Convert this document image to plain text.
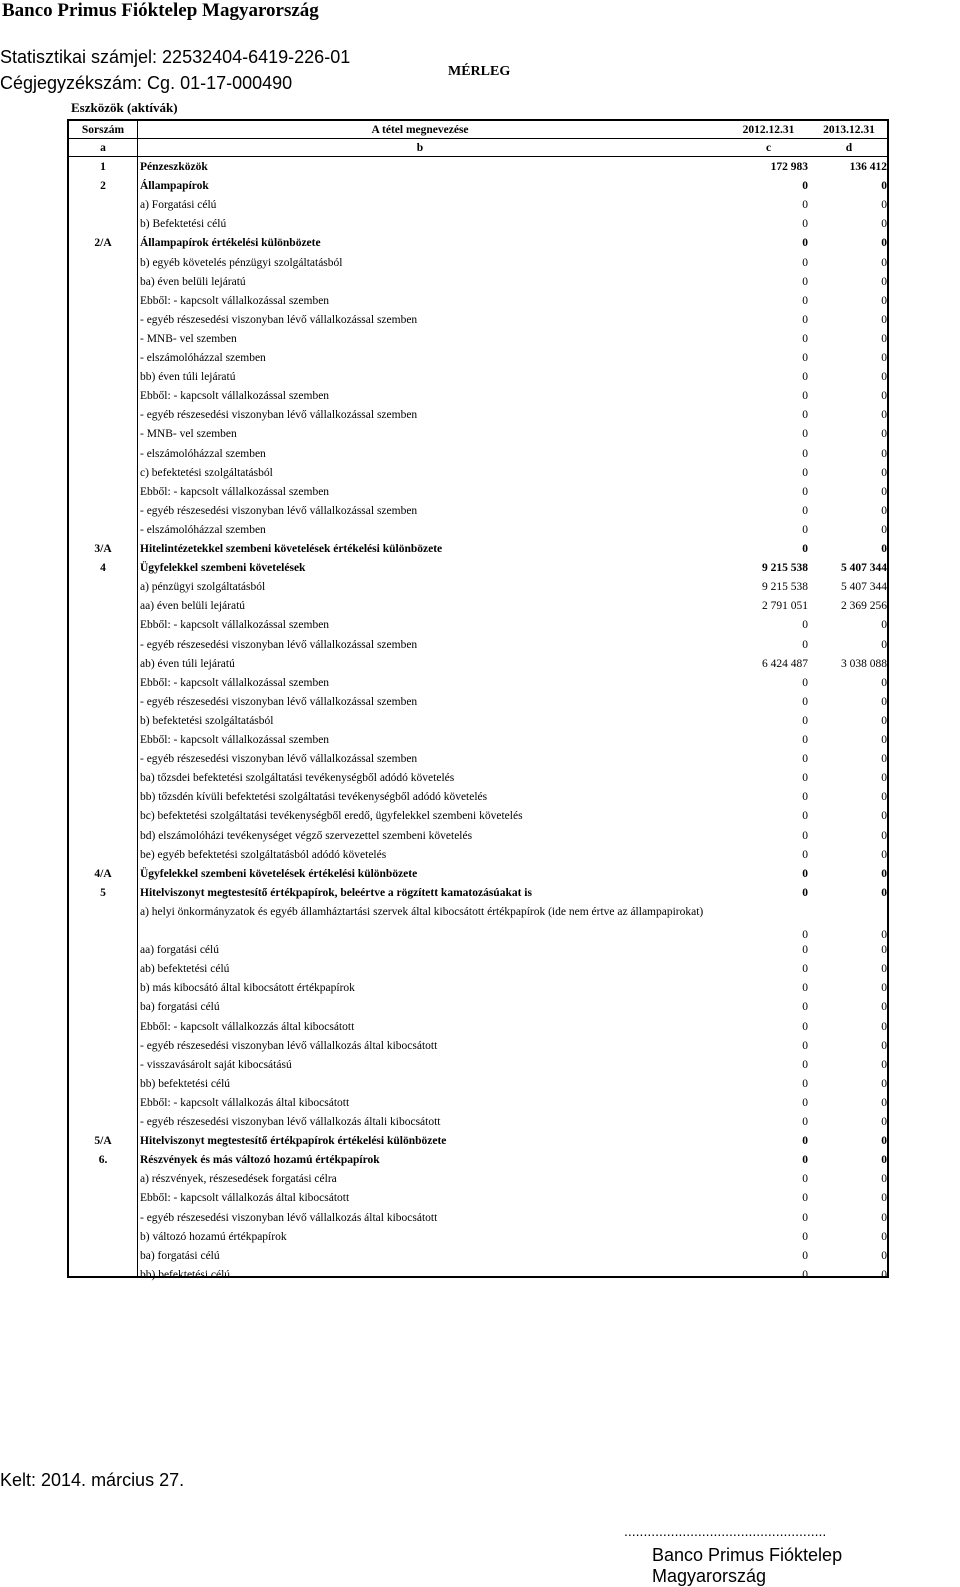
Banco Primus Fióktelep Magyarország
Statisztikai számjel: 22532404-6419-226-01
Cégjegyzékszám: Cg. 01-17-000490
MÉRLEG
Eszközök (aktívák)
Sorszám	A tétel megnevezése	2012.12.31	2013.12.31
a	b	c	d
1	Pénzeszközök	172 983	136 412
2	Állampapírok	0	0
a) Forgatási célú	0	0
b) Befektetési célú	0	0
2/A	Állampapírok értékelési különbözete	0	0
b) egyéb követelés pénzügyi szolgáltatásból	0	0
ba) éven belüli lejáratú	0	0
Ebből: - kapcsolt vállalkozással szemben	0	0
- egyéb részesedési viszonyban lévő vállalkozással szemben	0	0
- MNB- vel szemben	0	0
- elszámolóházzal szemben	0	0
bb) éven túli lejáratú	0	0
Ebből: - kapcsolt vállalkozással szemben	0	0
- egyéb részesedési viszonyban lévő vállalkozással szemben	0	0
- MNB- vel szemben	0	0
- elszámolóházzal szemben	0	0
c) befektetési szolgáltatásból	0	0
Ebből: - kapcsolt vállalkozással szemben	0	0
- egyéb részesedési viszonyban lévő vállalkozással szemben	0	0
- elszámolóházzal szemben	0	0
3/A	Hitelintézetekkel szembeni követelések értékelési különbözete	0	0
4	Ügyfelekkel szembeni követelések	9 215 538	5 407 344
a) pénzügyi szolgáltatásból	9 215 538	5 407 344
aa) éven belüli lejáratú	2 791 051	2 369 256
Ebből: - kapcsolt vállalkozással szemben	0	0
- egyéb részesedési viszonyban lévő vállalkozással szemben	0	0
ab) éven túli lejáratú	6 424 487	3 038 088
Ebből: - kapcsolt vállalkozással szemben	0	0
- egyéb részesedési viszonyban lévő vállalkozással szemben	0	0
b) befektetési szolgáltatásból	0	0
Ebből: - kapcsolt vállalkozással szemben	0	0
- egyéb részesedési viszonyban lévő vállalkozással szemben	0	0
ba) tőzsdei befektetési szolgáltatási tevékenységből adódó követelés	0	0
bb) tőzsdén kívüli befektetési szolgáltatási tevékenységből adódó követelés	0	0
bc) befektetési szolgáltatási tevékenységből eredő, ügyfelekkel szembeni követelés	0	0
bd) elszámolóházi tevékenységet végző szervezettel szembeni követelés	0	0
be) egyéb befektetési szolgáltatásból adódó követelés	0	0
4/A	Ügyfelekkel szembeni követelések értékelési különbözete	0	0
5	Hitelviszonyt megtestesítő értékpapírok, beleértve a rögzített kamatozásúakat is	0	0
a) helyi önkormányzatok és egyéb államháztartási szervek által kibocsátott értékpapírok (ide nem értve az állampapirokat)
0	0
aa) forgatási célú	0	0
ab) befektetési célú	0	0
b) más kibocsátó által kibocsátott értékpapírok	0	0
ba) forgatási célú	0	0
Ebből: - kapcsolt vállalkozzás által kibocsátott	0	0
- egyéb részesedési viszonyban lévő vállalkozás által kibocsátott	0	0
- visszavásárolt saját kibocsátású	0	0
bb) befektetési célú	0	0
Ebből: - kapcsolt vállalkozás által kibocsátott	0	0
- egyéb részesedési viszonyban lévő vállalkozás általi kibocsátott	0	0
5/A	Hitelviszonyt megtestesítő értékpapírok értékelési különbözete	0	0
6.	Részvények és más változó hozamú értékpapírok	0	0
a) részvények, részesedések forgatási célra	0	0
Ebből: - kapcsolt vállalkozás által kibocsátott	0	0
- egyéb részesedési viszonyban lévő vállalkozás által kibocsátott	0	0
b) változó hozamú értékpapírok	0	0
ba) forgatási célú	0	0
bb) befektetési célú	0	0
Kelt: 2014. március 27.
....................................................
Banco Primus Fióktelep Magyarország
